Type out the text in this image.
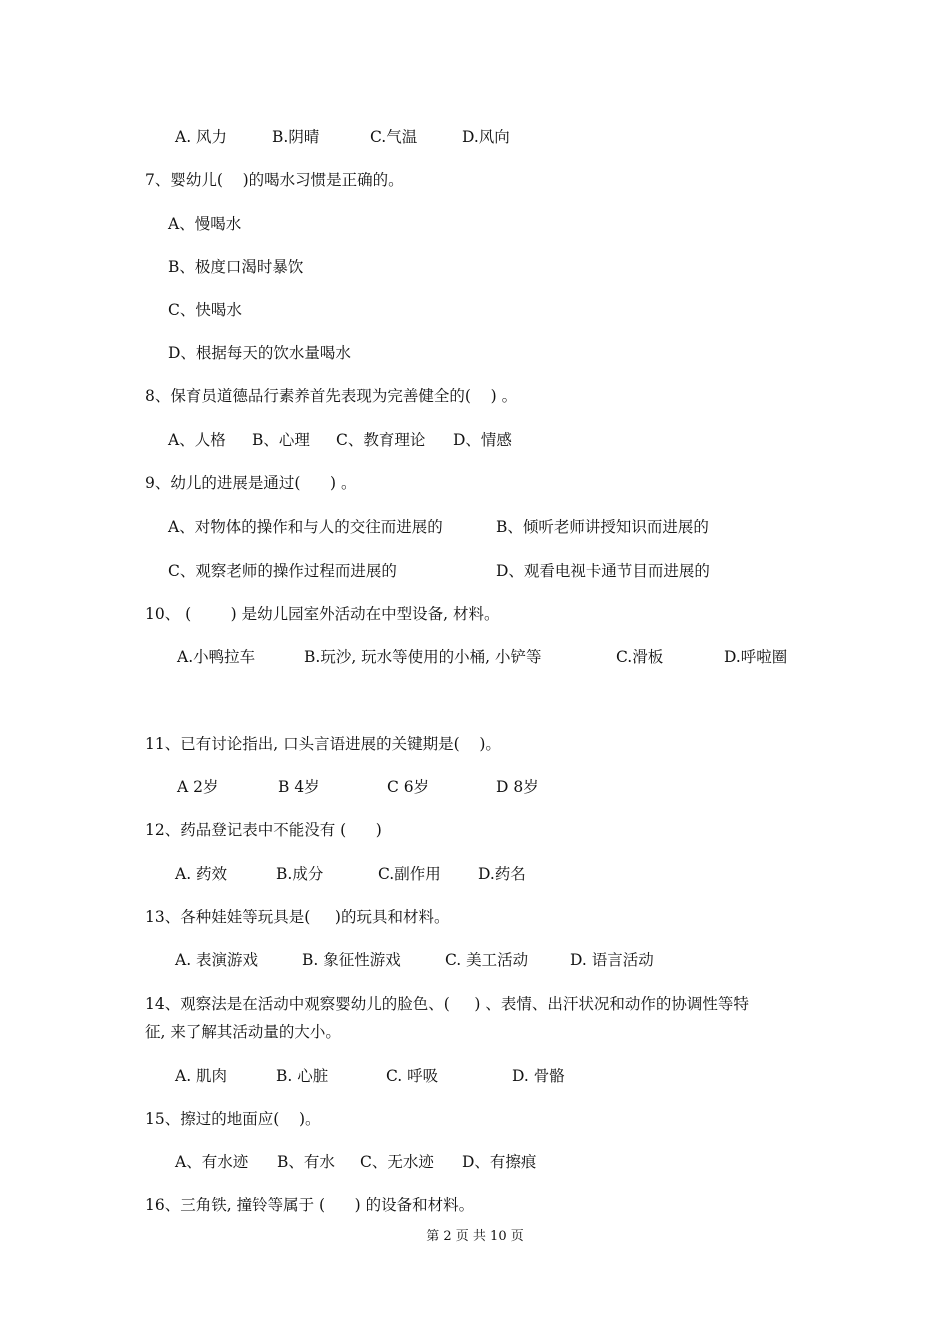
A. 风力	B.阴晴	C.气温	D.风向
7、婴幼儿(    )的喝水习惯是正确的。
A、慢喝水
B、极度口渴时暴饮
C、快喝水
D、根据每天的饮水量喝水
8、保育员道德品行素养首先表现为完善健全的(    ) 。
A、人格 B、心理 C、教育理论 D、情感
9、幼儿的进展是通过(      ) 。
A、对物体的操作和与人的交往而进展的	B、倾听老师讲授知识而进展的
C、观察老师的操作过程而进展的	D、观看电视卡通节目而进展的
10、 (        ) 是幼儿园室外活动在中型设备, 材料。
A.小鸭拉车	B.玩沙, 玩水等使用的小桶, 小铲等	C.滑板	D.呼啦圈
11、已有讨论指出, 口头言语进展的关键期是(    )。
A 2岁	B 4岁	C 6岁	D 8岁
12、药品登记表中不能没有 (      )
A. 药效	B.成分	C.副作用 D.药名
13、各种娃娃等玩具是(     )的玩具和材料。
A. 表演游戏	B. 象征性游戏	C. 美工活动	D. 语言活动
14、观察法是在活动中观察婴幼儿的脸色、(     ) 、表情、出汗状况和动作的协调性等特
征, 来了解其活动量的大小。
A. 肌肉	B. 心脏	C. 呼吸	D. 骨骼
15、擦过的地面应(    )。
A、有水迹 B、有水 C、无水迹 D、有擦痕
16、三角铁, 撞铃等属于 (      ) 的设备和材料。
第 2 页 共 10 页
